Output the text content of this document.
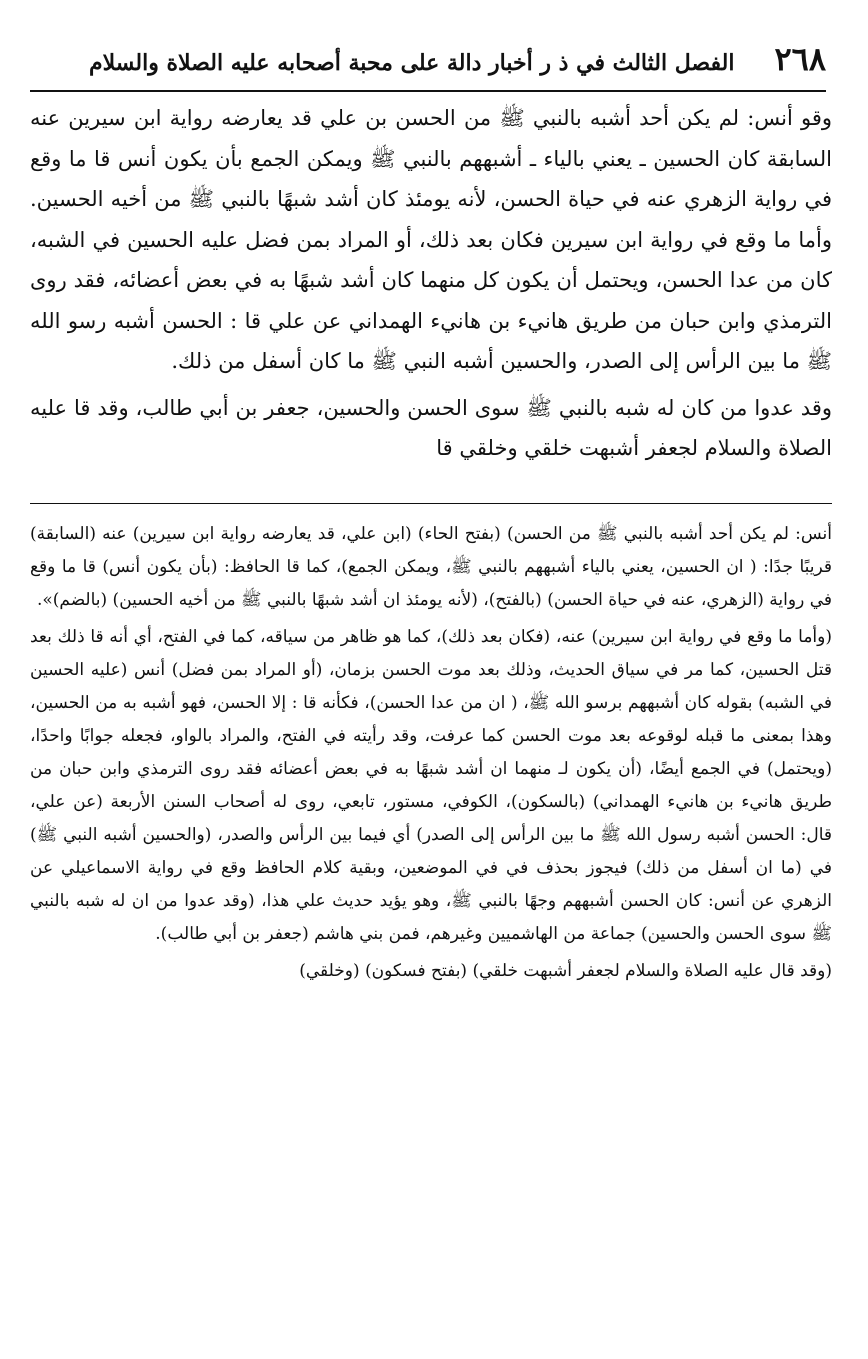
٢٦٨
الفصل الثالث في ذ ر أخبار دالة على محبة أصحابه عليه الصلاة والسلام

وقو أنس: لم يكن أحد أشبه بالنبي ﷺ من الحسن بن علي قد يعارضه رواية ابن سيرين عنه السابقة كان الحسين ـ يعني بالياء ـ أشبههم بالنبي ﷺ ويمكن الجمع بأن يكون أنس قا ما وقع في رواية الزهري عنه في حياة الحسن، لأنه يومئذ كان أشد شبهًا بالنبي ﷺ من أخيه الحسين. وأما ما وقع في رواية ابن سيرين فكان بعد ذلك، أو المراد بمن فضل عليه الحسين في الشبه، كان من عدا الحسن، ويحتمل أن يكون كل منهما كان أشد شبهًا به في بعض أعضائه، فقد روى الترمذي وابن حبان من طريق هانيء بن هانيء الهمداني عن علي قا : الحسن أشبه رسو الله ﷺ ما بين الرأس إلى الصدر، والحسين أشبه النبي ﷺ ما كان أسفل من ذلك.

وقد عدوا من كان له شبه بالنبي ﷺ سوى الحسن والحسين، جعفر بن أبي طالب، وقد قا عليه الصلاة والسلام لجعفر أشبهت خلقي وخلقي قا

أنس: لم يكن أحد أشبه بالنبي ﷺ من الحسن) (بفتح الحاء) (ابن علي، قد يعارضه رواية ابن سيرين) عنه (السابقة) قريبًا جدًا: ( ان الحسين، يعني بالياء أشبههم بالنبي ﷺ، ويمكن الجمع)، كما قا الحافظ: (بأن يكون أنس) قا ما وقع في رواية (الزهري، عنه في حياة الحسن) (بالفتح)، (لأنه يومئذ ان أشد شبهًا بالنبي ﷺ من أخيه الحسين) (بالضم)».

(وأما ما وقع في رواية ابن سيرين) عنه، (فكان بعد ذلك)، كما هو ظاهر من سياقه، كما في الفتح، أي أنه قا ذلك بعد قتل الحسين، كما مر في سياق الحديث، وذلك بعد موت الحسن بزمان، (أو المراد بمن فضل) أنس (عليه الحسين في الشبه) بقوله كان أشبههم برسو الله ﷺ، ( ان من عدا الحسن)، فكأنه قا : إلا الحسن، فهو أشبه به من الحسين، وهذا بمعنى ما قبله لوقوعه بعد موت الحسن كما عرفت، وقد رأيته في الفتح، والمراد بالواو، فجعله جوابًا واحدًا، (ويحتمل) في الجمع أيضًا، (أن يكون لـ منهما ان أشد شبهًا به في بعض أعضائه فقد روى الترمذي وابن حبان من طريق هانيء بن هانيء الهمداني) (بالسكون)، الكوفي، مستور، تابعي، روى له أصحاب السنن الأربعة (عن علي، قال: الحسن أشبه رسول الله ﷺ ما بين الرأس إلى الصدر) أي فيما بين الرأس والصدر، (والحسين أشبه النبي ﷺ) في (ما ان أسفل من ذلك) فيجوز بحذف في في الموضعين، وبقية كلام الحافظ وقع في رواية الاسماعيلي عن الزهري عن أنس: كان الحسن أشبههم وجهًا بالنبي ﷺ، وهو يؤيد حديث علي هذا، (وقد عدوا من ان له شبه بالنبي ﷺ سوى الحسن والحسين) جماعة من الهاشميين وغيرهم، فمن بني هاشم (جعفر بن أبي طالب).

(وقد قال عليه الصلاة والسلام لجعفر أشبهت خلقي) (بفتح فسكون) (وخلقي)
